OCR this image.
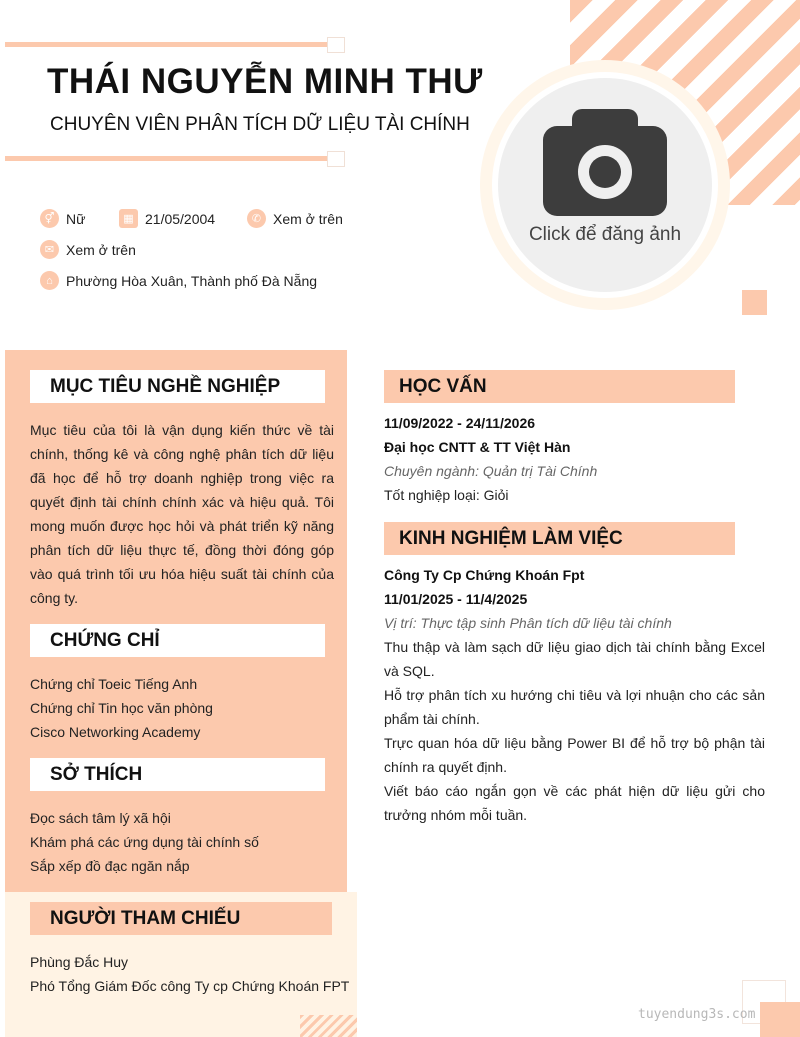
Click để đăng ảnh
THÁI NGUYỄN MINH THƯ
CHUYÊN VIÊN PHÂN TÍCH DỮ LIỆU TÀI CHÍNH
⚥ Nữ	▦ 21/05/2004	✆ Xem ở trên
✉ Xem ở trên
⌂ Phường Hòa Xuân, Thành phố Đà Nẵng
MỤC TIÊU NGHỀ NGHIỆP
Mục tiêu của tôi là vận dụng kiến thức về tài chính, thống kê và công nghệ phân tích dữ liệu đã học để hỗ trợ doanh nghiệp trong việc ra quyết định tài chính chính xác và hiệu quả. Tôi mong muốn được học hỏi và phát triển kỹ năng phân tích dữ liệu thực tế, đồng thời đóng góp vào quá trình tối ưu hóa hiệu suất tài chính của công ty.
CHỨNG CHỈ
Chứng chỉ Toeic Tiếng Anh
Chứng chỉ Tin học văn phòng
Cisco Networking Academy
SỞ THÍCH
Đọc sách tâm lý xã hội
Khám phá các ứng dụng tài chính số
Sắp xếp đồ đạc ngăn nắp
NGƯỜI THAM CHIẾU
Phùng Đắc Huy
Phó Tổng Giám Đốc công Ty cp Chứng Khoán FPT
HỌC VẤN
11/09/2022 - 24/11/2026
Đại học CNTT & TT Việt Hàn
Chuyên ngành: Quản trị Tài Chính
Tốt nghiệp loại: Giỏi
KINH NGHIỆM LÀM VIỆC
Công Ty Cp Chứng Khoán Fpt
11/01/2025 - 11/4/2025
Vị trí: Thực tập sinh Phân tích dữ liệu tài chính
Thu thập và làm sạch dữ liệu giao dịch tài chính bằng Excel và SQL.
Hỗ trợ phân tích xu hướng chi tiêu và lợi nhuận cho các sản phẩm tài chính.
Trực quan hóa dữ liệu bằng Power BI để hỗ trợ bộ phận tài chính ra quyết định.
Viết báo cáo ngắn gọn về các phát hiện dữ liệu gửi cho trưởng nhóm mỗi tuần.
tuyendung3s.com
